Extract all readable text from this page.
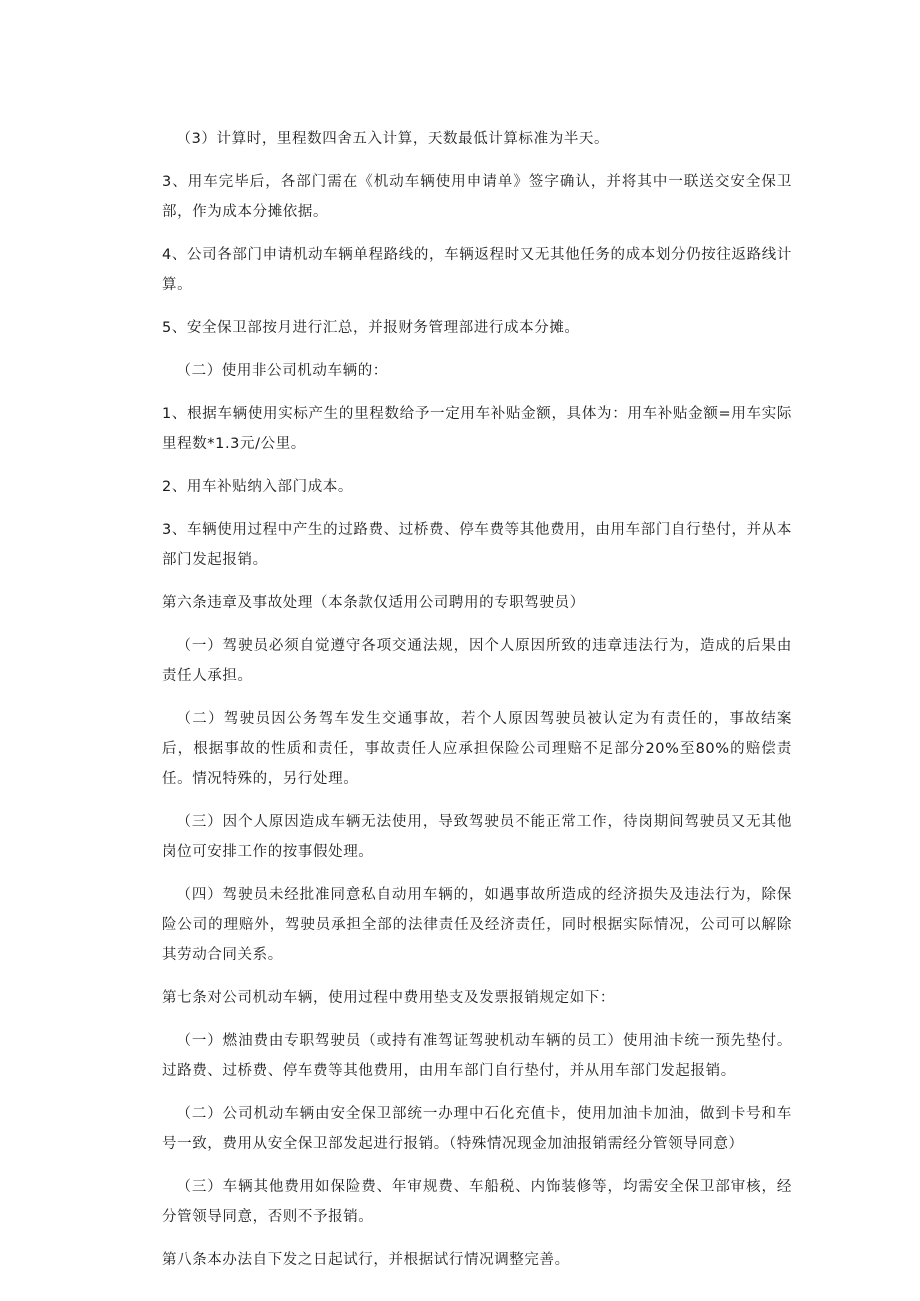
（3）计算时，里程数四舍五入计算，天数最低计算标准为半天。

3、用车完毕后，各部门需在《机动车辆使用申请单》签字确认，并将其中一联送交安全保卫部，作为成本分摊依据。

4、公司各部门申请机动车辆单程路线的，车辆返程时又无其他任务的成本划分仍按往返路线计算。

5、安全保卫部按月进行汇总，并报财务管理部进行成本分摊。

（二）使用非公司机动车辆的：

1、根据车辆使用实标产生的里程数给予一定用车补贴金额，具体为：用车补贴金额=用车实际里程数*1.3元/公里。

2、用车补贴纳入部门成本。

3、车辆使用过程中产生的过路费、过桥费、停车费等其他费用，由用车部门自行垫付，并从本部门发起报销。

第六条违章及事故处理（本条款仅适用公司聘用的专职驾驶员）

（一）驾驶员必须自觉遵守各项交通法规，因个人原因所致的违章违法行为，造成的后果由责任人承担。

（二）驾驶员因公务驾车发生交通事故，若个人原因驾驶员被认定为有责任的，事故结案后，根据事故的性质和责任，事故责任人应承担保险公司理赔不足部分20%至80%的赔偿责任。情况特殊的，另行处理。

（三）因个人原因造成车辆无法使用，导致驾驶员不能正常工作，待岗期间驾驶员又无其他岗位可安排工作的按事假处理。

（四）驾驶员未经批准同意私自动用车辆的，如遇事故所造成的经济损失及违法行为，除保险公司的理赔外，驾驶员承担全部的法律责任及经济责任，同时根据实际情况，公司可以解除其劳动合同关系。

第七条对公司机动车辆，使用过程中费用垫支及发票报销规定如下：

（一）燃油费由专职驾驶员（或持有准驾证驾驶机动车辆的员工）使用油卡统一预先垫付。过路费、过桥费、停车费等其他费用，由用车部门自行垫付，并从用车部门发起报销。

（二）公司机动车辆由安全保卫部统一办理中石化充值卡，使用加油卡加油，做到卡号和车号一致，费用从安全保卫部发起进行报销。（特殊情况现金加油报销需经分管领导同意）

（三）车辆其他费用如保险费、年审规费、车船税、内饰装修等，均需安全保卫部审核，经分管领导同意，否则不予报销。

第八条本办法自下发之日起试行，并根据试行情况调整完善。
